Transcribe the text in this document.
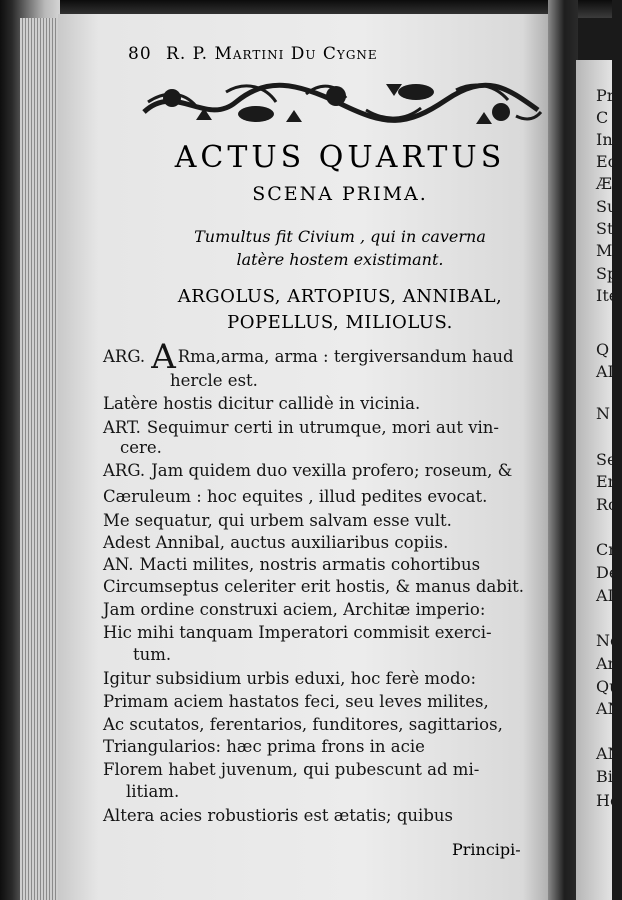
80 R. P. Martini Du Cygne
ACTUS QUARTUS
SCENA PRIMA.
Tumultus fit Civium , qui in caverna
latère hostem existimant.
ARGOLUS, ARTOPIUS, ANNIBAL,
POPELLUS, MILIOLUS.
ARG. A Rma,arma, arma : tergiversandum haud
hercle est.
Latère hostis dicitur callidè in vicinia.
ART. Sequimur certi in utrumque, mori aut vin-
cere.
ARG. Jam quidem duo vexilla profero; roseum, &
Cæruleum : hoc equites , illud pedites evocat.
Me sequatur, qui urbem salvam esse vult.
Adest Annibal, auctus auxiliaribus copiis.
AN. Macti milites, nostris armatis cohortibus
Circumseptus celeriter erit hostis, & manus dabit.
Jam ordine construxi aciem, Architæ imperio:
Hic mihi tanquam Imperatori commisit exerci-
tum.
Igitur subsidium urbis eduxi, hoc ferè modo:
Primam aciem hastatos feci, seu leves milites,
Ac scutatos, ferentarios, funditores, sagittarios,
Triangularios: hæc prima frons in acie
Florem habet juvenum, qui pubescunt ad mi-
litiam.
Altera acies robustioris est ætatis; quibus
Principi-
Pr
C
In
Ec
Æ
Su
St
M
Sp
Ite
Q
AI
N
Se
En
Ro
Cr
De
AI
Ne
Ar
Qu
AN
AN
Bi
Ho
